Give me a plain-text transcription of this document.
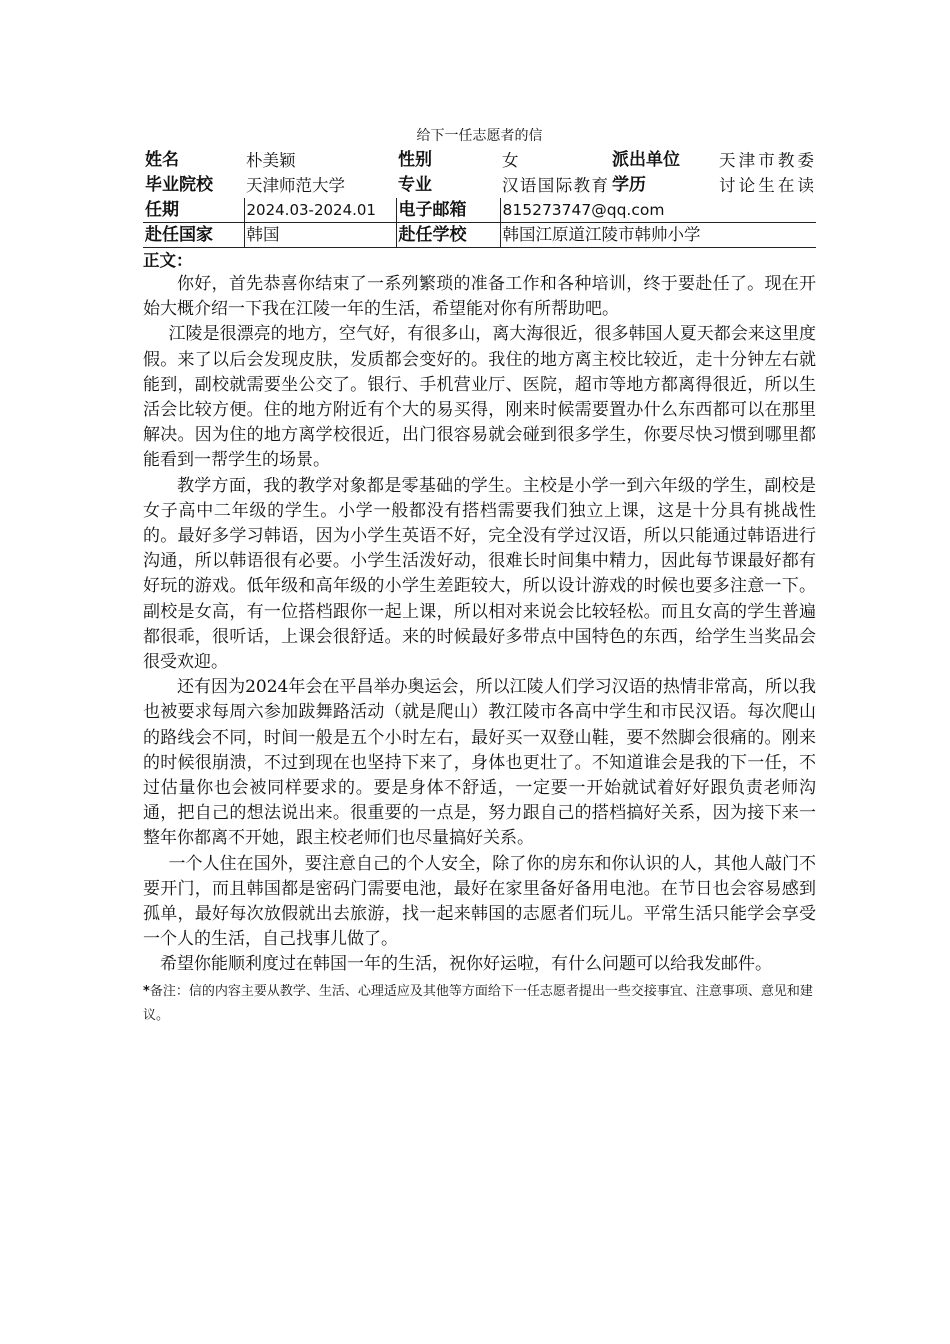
给下一任志愿者的信
姓名	朴美颖	性别	女	派出单位	天津市教委
毕业院校	天津师范大学	专业	汉语国际教育	学历	讨论生在读
任期	2024.03-2024.01	电子邮箱	815273747@qq.com		
赴任国家	韩国	赴任学校	韩国江原道江陵市韩帅小学		
正文：

你好，首先恭喜你结束了一系列繁琐的准备工作和各种培训，终于要赴任了。现在开始大概介绍一下我在江陵一年的生活，希望能对你有所帮助吧。

江陵是很漂亮的地方，空气好，有很多山，离大海很近，很多韩国人夏天都会来这里度假。来了以后会发现皮肤，发质都会变好的。我住的地方离主校比较近，走十分钟左右就能到，副校就需要坐公交了。银行、手机营业厅、医院，超市等地方都离得很近，所以生活会比较方便。住的地方附近有个大的易买得，刚来时候需要置办什么东西都可以在那里解决。因为住的地方离学校很近，出门很容易就会碰到很多学生，你要尽快习惯到哪里都能看到一帮学生的场景。

教学方面，我的教学对象都是零基础的学生。主校是小学一到六年级的学生，副校是女子高中二年级的学生。小学一般都没有搭档需要我们独立上课，这是十分具有挑战性的。最好多学习韩语，因为小学生英语不好，完全没有学过汉语，所以只能通过韩语进行沟通，所以韩语很有必要。小学生活泼好动，很难长时间集中精力，因此每节课最好都有好玩的游戏。低年级和高年级的小学生差距较大，所以设计游戏的时候也要多注意一下。副校是女高，有一位搭档跟你一起上课，所以相对来说会比较轻松。而且女高的学生普遍都很乖，很听话，上课会很舒适。来的时候最好多带点中国特色的东西，给学生当奖品会很受欢迎。

还有因为2024年会在平昌举办奥运会，所以江陵人们学习汉语的热情非常高，所以我也被要求每周六参加跋舞路活动（就是爬山）教江陵市各高中学生和市民汉语。每次爬山的路线会不同，时间一般是五个小时左右，最好买一双登山鞋，要不然脚会很痛的。刚来的时候很崩溃，不过到现在也坚持下来了，身体也更壮了。不知道谁会是我的下一任，不过估量你也会被同样要求的。要是身体不舒适，一定要一开始就试着好好跟负责老师沟通，把自己的想法说出来。很重要的一点是，努力跟自己的搭档搞好关系，因为接下来一整年你都离不开她，跟主校老师们也尽量搞好关系。

一个人住在国外，要注意自己的个人安全，除了你的房东和你认识的人，其他人敲门不要开门，而且韩国都是密码门需要电池，最好在家里备好备用电池。在节日也会容易感到孤单，最好每次放假就出去旅游，找一起来韩国的志愿者们玩儿。平常生活只能学会享受一个人的生活，自己找事儿做了。

希望你能顺利度过在韩国一年的生活，祝你好运啦，有什么问题可以给我发邮件。

*备注：信的内容主要从教学、生活、心理适应及其他等方面给下一任志愿者提出一些交接事宜、注意事项、意见和建议。
